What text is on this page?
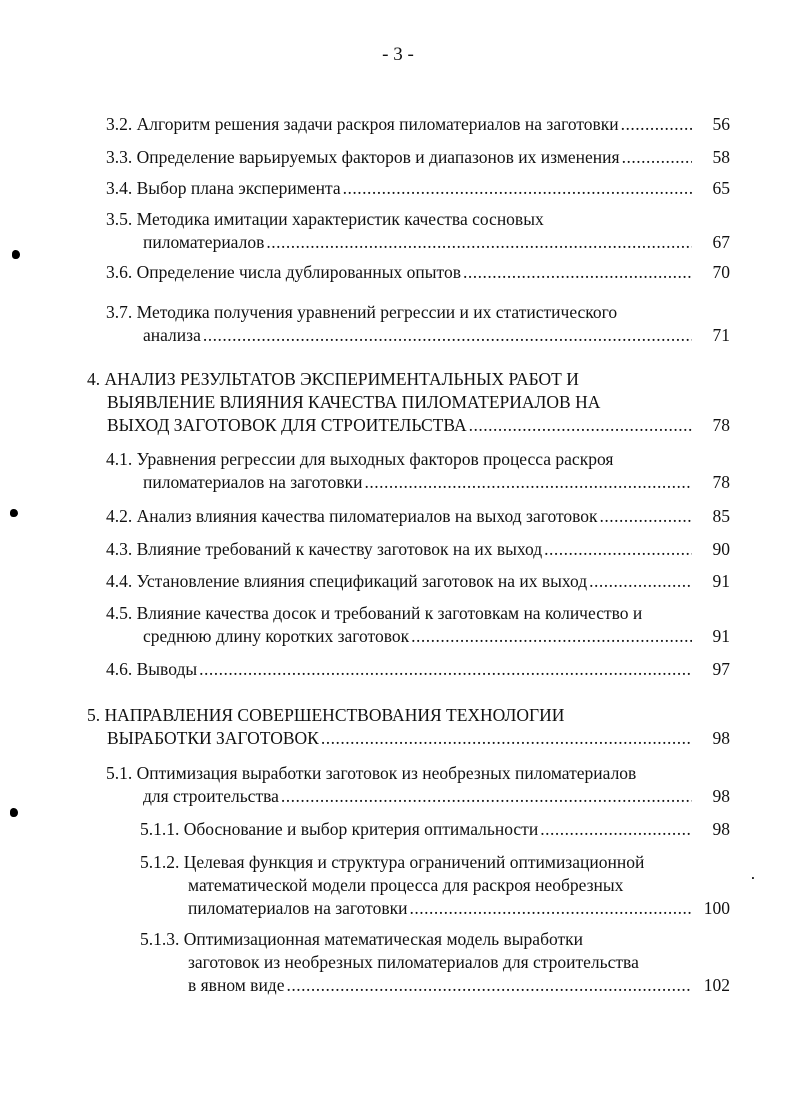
- 3 -
3.2.
Алгоритм решения задачи раскроя пиломатериалов на заготовки .....	56
3.3.
Определение варьируемых факторов и диапазонов их изменения .....	58
3.4.
Выбор плана эксперимента .....	65
3.5. Методика имитации характеристик качества сосновых
пиломатериалов .....	67
3.6.
Определение числа дублированных опытов .....	70
3.7. Методика получения уравнений регрессии и их статистического
анализа .....	71
4. АНАЛИЗ РЕЗУЛЬТАТОВ ЭКСПЕРИМЕНТАЛЬНЫХ РАБОТ И
ВЫЯВЛЕНИЕ ВЛИЯНИЯ КАЧЕСТВА ПИЛОМАТЕРИАЛОВ НА
ВЫХОД ЗАГОТОВОК ДЛЯ СТРОИТЕЛЬСТВА .....	78
4.1. Уравнения регрессии для выходных факторов процесса раскроя
пиломатериалов на заготовки .....	78
4.2.
Анализ влияния качества пиломатериалов на выход заготовок .....	85
4.3.
Влияние требований к качеству заготовок на их выход .....	90
4.4.
Установление влияния спецификаций заготовок на их выход .....	91
4.5. Влияние качества досок и требований к заготовкам на количество и
среднюю длину коротких заготовок .....	91
4.6.
Выводы .....	97
5. НАПРАВЛЕНИЯ СОВЕРШЕНСТВОВАНИЯ ТЕХНОЛОГИИ
ВЫРАБОТКИ ЗАГОТОВОК .....	98
5.1. Оптимизация выработки заготовок из необрезных пиломатериалов
для строительства .....	98
5.1.1.
Обоснование и выбор критерия оптимальности .....	98
5.1.2. Целевая функция и структура ограничений оптимизационной
математической модели процесса для раскроя необрезных
пиломатериалов на заготовки .....	100
5.1.3. Оптимизационная математическая модель выработки
заготовок из необрезных пиломатериалов для строительства
в явном виде .....	102
